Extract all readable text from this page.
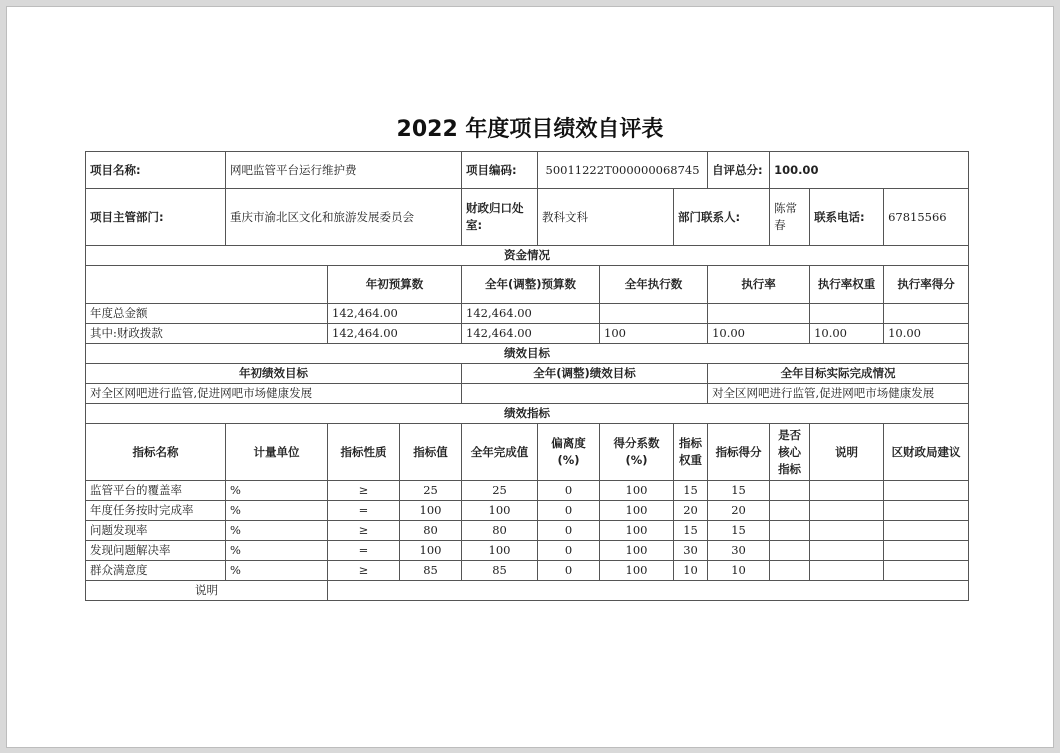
2022 年度项目绩效自评表
项目名称:	网吧监管平台运行维护费			项目编码:	50011222T000000068745			自评总分:	100.00		
项目主管部门:	重庆市渝北区文化和旅游发展委员会			财政归口处室:	教科文科		部门联系人:		陈常春	联系电话:	67815566
资金情况											
		年初预算数		全年(调整)预算数		全年执行数		执行率		执行率权重	执行率得分
年度总金额		142,464.00		142,464.00							
其中:财政拨款		142,464.00		142,464.00		100		10.00		10.00	10.00
绩效目标											
年初绩效目标				全年(调整)绩效目标				全年目标实际完成情况			
对全区网吧进行监管,促进网吧市场健康发展								对全区网吧进行监管,促进网吧市场健康发展			
绩效指标											
指标名称	计量单位	指标性质	指标值	全年完成值	偏离度(%)	得分系数(%)	指标权重	指标得分	是否核心指标	说明	区财政局建议
监管平台的覆盖率	%	≥	25	25	0	100	15	15			
年度任务按时完成率	%	=	100	100	0	100	20	20			
问题发现率	%	≥	80	80	0	100	15	15			
发现问题解决率	%	=	100	100	0	100	30	30			
群众满意度	%	≥	85	85	0	100	10	10			
说明											
